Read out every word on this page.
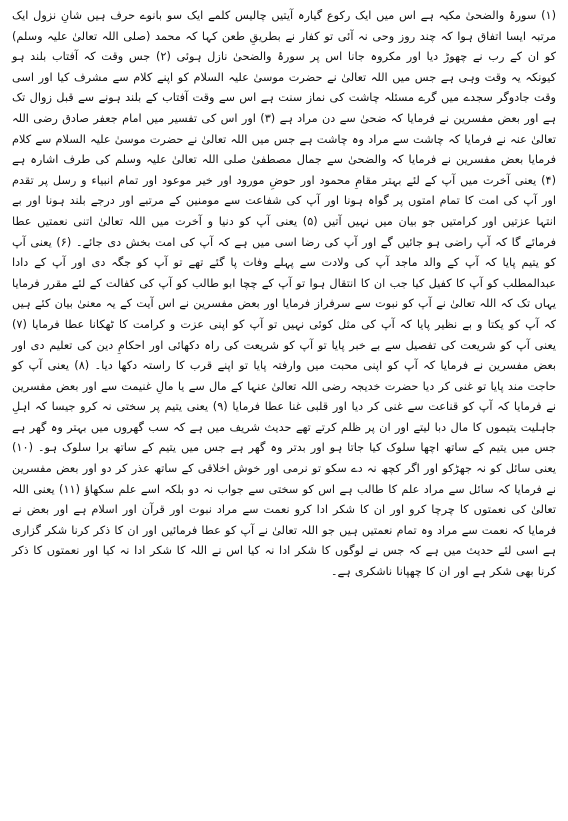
(۱) سورۂ والضحیٰ مکیہ ہے اس میں ایک رکوع گیارہ آیتیں چالیس کلمے ایک سو بانوے حرف ہیں شانِ نزول ایک مرتبہ ایسا اتفاق ہوا کہ چند روز وحی نہ آئی تو کفار نے بطریقِ طعن کہا کہ محمد (صلی اللہ تعالیٰ علیہ وسلم) کو ان کے رب نے چھوڑ دیا اور مکروہ جانا اس پر سورۂ والضحیٰ نازل ہوئی (۲) جس وقت کہ آفتاب بلند ہو کیونکہ یہ وقت وہی ہے جس میں اللہ تعالیٰ نے حضرت موسیٰ علیہ السلام کو اپنے کلام سے مشرف کیا اور اسی وقت جادوگر سجدے میں گرے مسئلہ چاشت کی نماز سنت ہے اس سے وقت آفتاب کے بلند ہونے سے قبل زوال تک ہے اور بعض مفسرین نے فرمایا کہ ضحیٰ سے دن مراد ہے (۳) اور اس کی تفسیر میں امام جعفر صادق رضی اللہ تعالیٰ عنہ نے فرمایا کہ چاشت سے مراد وہ چاشت ہے جس میں اللہ تعالیٰ نے حضرت موسیٰ علیہ السلام سے کلام فرمایا بعض مفسرین نے فرمایا کہ والضحیٰ سے جمال مصطفیٰ صلی اللہ تعالیٰ علیہ وسلم کی طرف اشارہ ہے (۴) یعنی آخرت میں آپ کے لئے بہتر مقامِ محمود اور حوضِ مورود اور خیر موعود اور تمام انبیاء و رسل پر تقدم اور آپ کی امت کا تمام امتوں پر گواہ ہونا اور آپ کی شفاعت سے مومنین کے مرتبے اور درجے بلند ہونا اور بے انتہا عزتیں اور کرامتیں جو بیان میں نہیں آتیں (۵) یعنی آپ کو دنیا و آخرت میں اللہ تعالیٰ اتنی نعمتیں عطا فرمائے گا کہ آپ راضی ہو جائیں گے اور آپ کی رضا اسی میں ہے کہ آپ کی امت بخش دی جائے۔ (۶) یعنی آپ کو یتیم پایا کہ آپ کے والد ماجد آپ کی ولادت سے پہلے وفات پا گئے تھے تو آپ کو جگہ دی اور آپ کے دادا عبدالمطلب کو آپ کا کفیل کیا جب ان کا انتقال ہوا تو آپ کے چچا ابو طالب کو آپ کی کفالت کے لئے مقرر فرمایا یہاں تک کہ اللہ تعالیٰ نے آپ کو نبوت سے سرفراز فرمایا اور بعض مفسرین نے اس آیت کے یہ معنیٰ بیان کئے ہیں کہ آپ کو یکتا و بے نظیر پایا کہ آپ کی مثل کوئی نہیں تو آپ کو اپنی عزت و کرامت کا ٹھکانا عطا فرمایا (۷) یعنی آپ کو شریعت کی تفصیل سے بے خبر پایا تو آپ کو شریعت کی راہ دکھائی اور احکامِ دین کی تعلیم دی اور بعض مفسرین نے فرمایا کہ آپ کو اپنی محبت میں وارفتہ پایا تو اپنے قرب کا راستہ دکھا دیا۔ (۸) یعنی آپ کو حاجت مند پایا تو غنی کر دیا حضرت خدیجہ رضی اللہ تعالیٰ عنہا کے مال سے یا مالِ غنیمت سے اور بعض مفسرین نے فرمایا کہ آپ کو قناعت سے غنی کر دیا اور قلبی غنا عطا فرمایا (۹) یعنی یتیم پر سختی نہ کرو جیسا کہ اہلِ جاہلیت یتیموں کا مال دبا لیتے اور ان پر ظلم کرتے تھے حدیث شریف میں ہے کہ سب گھروں میں بہتر وہ گھر ہے جس میں یتیم کے ساتھ اچھا سلوک کیا جاتا ہو اور بدتر وہ گھر ہے جس میں یتیم کے ساتھ برا سلوک ہو۔ (۱۰) یعنی سائل کو نہ جھڑکو اور اگر کچھ نہ دے سکو تو نرمی اور خوش اخلاقی کے ساتھ عذر کر دو اور بعض مفسرین نے فرمایا کہ سائل سے مراد علم کا طالب ہے اس کو سختی سے جواب نہ دو بلکہ اسے علم سکھاؤ (۱۱) یعنی اللہ تعالیٰ کی نعمتوں کا چرچا کرو اور ان کا شکر ادا کرو نعمت سے مراد نبوت اور قرآن اور اسلام ہے اور بعض نے فرمایا کہ نعمت سے مراد وہ تمام نعمتیں ہیں جو اللہ تعالیٰ نے آپ کو عطا فرمائیں اور ان کا ذکر کرنا شکر گزاری ہے اسی لئے حدیث میں ہے کہ جس نے لوگوں کا شکر ادا نہ کیا اس نے اللہ کا شکر ادا نہ کیا اور نعمتوں کا ذکر کرنا بھی شکر ہے اور ان کا چھپانا ناشکری ہے۔
